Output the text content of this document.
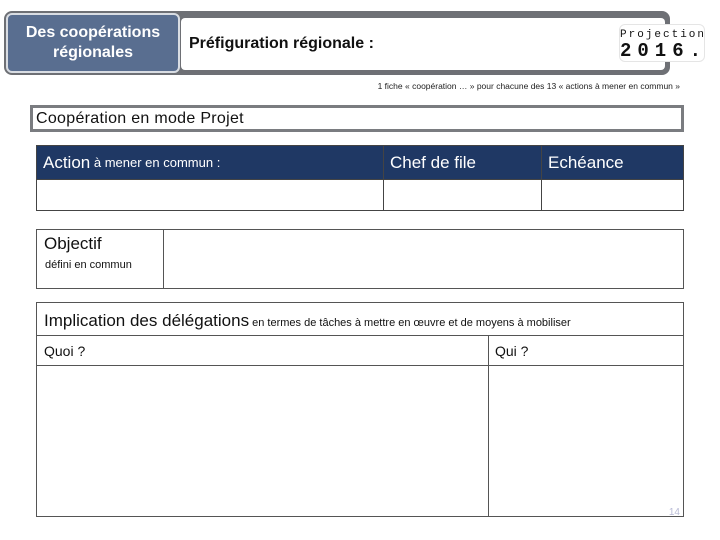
Des coopérations
régionales
Préfiguration régionale :	Projection
2016.
1 fiche « coopération … » pour chacune des 13 « actions à mener en commun »
Coopération en mode Projet
Action à mener en commun :	Chef de file	Echéance
Objectif
défini en commun
Implication des délégations en termes de tâches à mettre en œuvre et de moyens à mobiliser
Quoi ?	Qui ?
14
